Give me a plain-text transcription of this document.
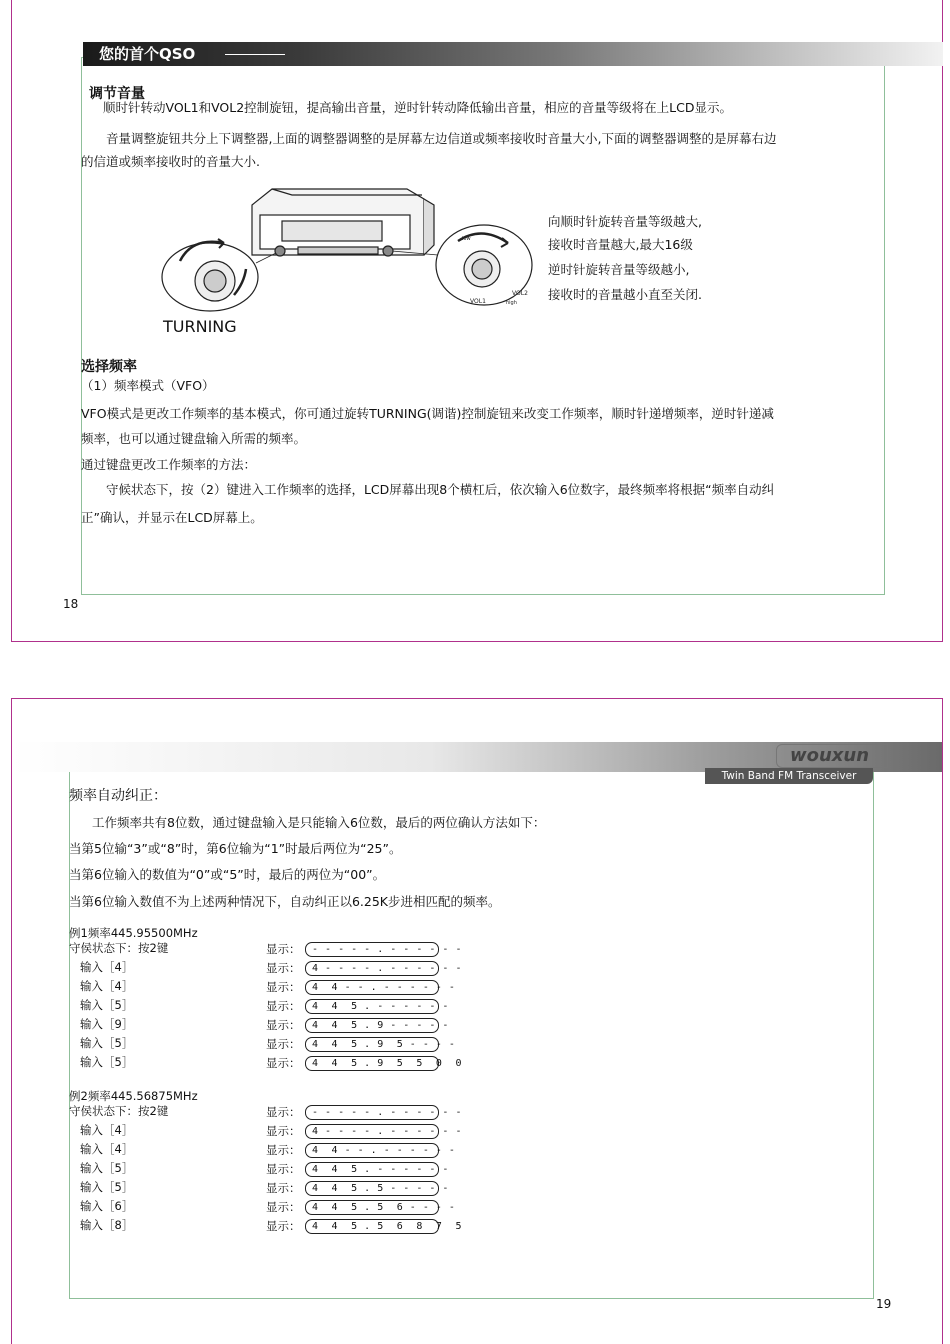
您的首个QSO
调节音量
顺时针转动VOL1和VOL2控制旋钮，提高输出音量，逆时针转动降低输出音量，相应的音量等级将在上LCD显示。
音量调整旋钮共分上下调整器,上面的调整器调整的是屏幕左边信道或频率接收时音量大小,下面的调整器调整的是屏幕右边
的信道或频率接收时的音量大小.
VOL1
VOL2
high
low
TURNING
向顺时针旋转音量等级越大,
接收时音量越大,最大16级
逆时针旋转音量等级越小,
接收时的音量越小直至关闭.
选择频率
（1）频率模式（VFO）
VFO模式是更改工作频率的基本模式，你可通过旋转TURNING(调谐)控制旋钮来改变工作频率，顺时针递增频率，逆时针递减
频率，也可以通过键盘输入所需的频率。
通过键盘更改工作频率的方法：
守候状态下，按（2）键进入工作频率的选择，LCD屏幕出现8个横杠后，依次输入6位数字，最终频率将根据“频率自动纠
正”确认，并显示在LCD屏幕上。
18
wouxun
Twin Band FM Transceiver
频率自动纠正：
工作频率共有8位数，通过键盘输入是只能输入6位数，最后的两位确认方法如下：
当第5位输“3”或“8”时，第6位输为“1”时最后两位为“25”。
当第6位输入的数值为“0”或“5”时，最后的两位为“00”。
当第6位输入数值不为上述两种情况下，自动纠正以6.25K步进相匹配的频率。
例1频率445.95500MHz
守侯状态下：按2键	显示：	- - - - - . - - - - - -
输入［4］	显示：	4 - - - - . - - - - - -
输入［4］	显示：	4  4 - - . - - - - - -
输入［5］	显示：	4  4  5 . - - - - - -
输入［9］	显示：	4  4  5 . 9 - - - - -
输入［5］	显示：	4  4  5 . 9  5 - - - -
输入［5］	显示：	4  4  5 . 9  5  5  0  0
例2频率445.56875MHz
守侯状态下：按2键	显示：	- - - - - . - - - - - -
输入［4］	显示：	4 - - - - . - - - - - -
输入［4］	显示：	4  4 - - . - - - - - -
输入［5］	显示：	4  4  5 . - - - - - -
输入［5］	显示：	4  4  5 . 5 - - - - -
输入［6］	显示：	4  4  5 . 5  6 - - - -
输入［8］	显示：	4  4  5 . 5  6  8  7  5
19
